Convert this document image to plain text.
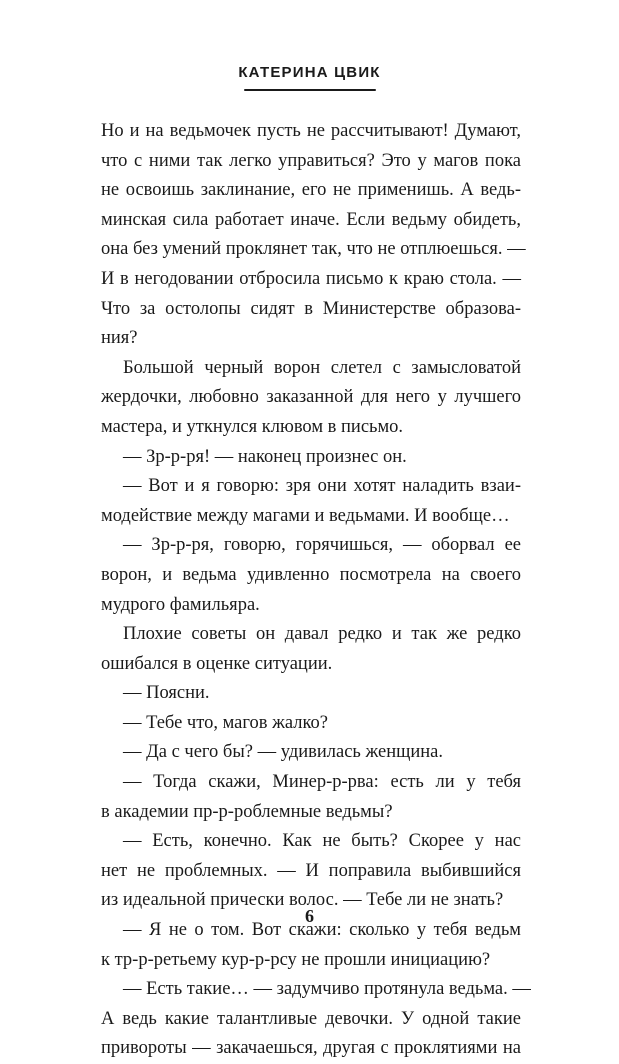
КАТЕРИНА ЦВИК
Но и на ведьмочек пусть не рассчитывают! Думают,
что с ними так легко управиться? Это у магов пока
не освоишь заклинание, его не применишь. А ведь-
минская сила работает иначе. Если ведьму обидеть,
она без умений проклянет так, что не отплюешься. —
И в негодовании отбросила письмо к краю стола. —
Что за остолопы сидят в Министерстве образова-
ния?
Большой черный ворон слетел с замысловатой
жердочки, любовно заказанной для него у лучшего
мастера, и уткнулся клювом в письмо.
— Зр-р-ря! — наконец произнес он.
— Вот и я говорю: зря они хотят наладить взаи-
модействие между магами и ведьмами. И вообще…
— Зр-р-ря, говорю, горячишься, — оборвал ее
ворон, и ведьма удивленно посмотрела на своего
мудрого фамильяра.
Плохие советы он давал редко и так же редко
ошибался в оценке ситуации.
— Поясни.
— Тебе что, магов жалко?
— Да с чего бы? — удивилась женщина.
— Тогда скажи, Минер-р-рва: есть ли у тебя
в академии пр-р-роблемные ведьмы?
— Есть, конечно. Как не быть? Скорее у нас
нет не проблемных. — И поправила выбившийся
из идеальной прически волос. — Тебе ли не знать?
— Я не о том. Вот скажи: сколько у тебя ведьм
к тр-р-ретьему кур-р-рсу не прошли инициацию?
— Есть такие… — задумчиво протянула ведьма. —
А ведь какие талантливые девочки. У одной такие
привороты — закачаешься, другая с проклятиями на
6
